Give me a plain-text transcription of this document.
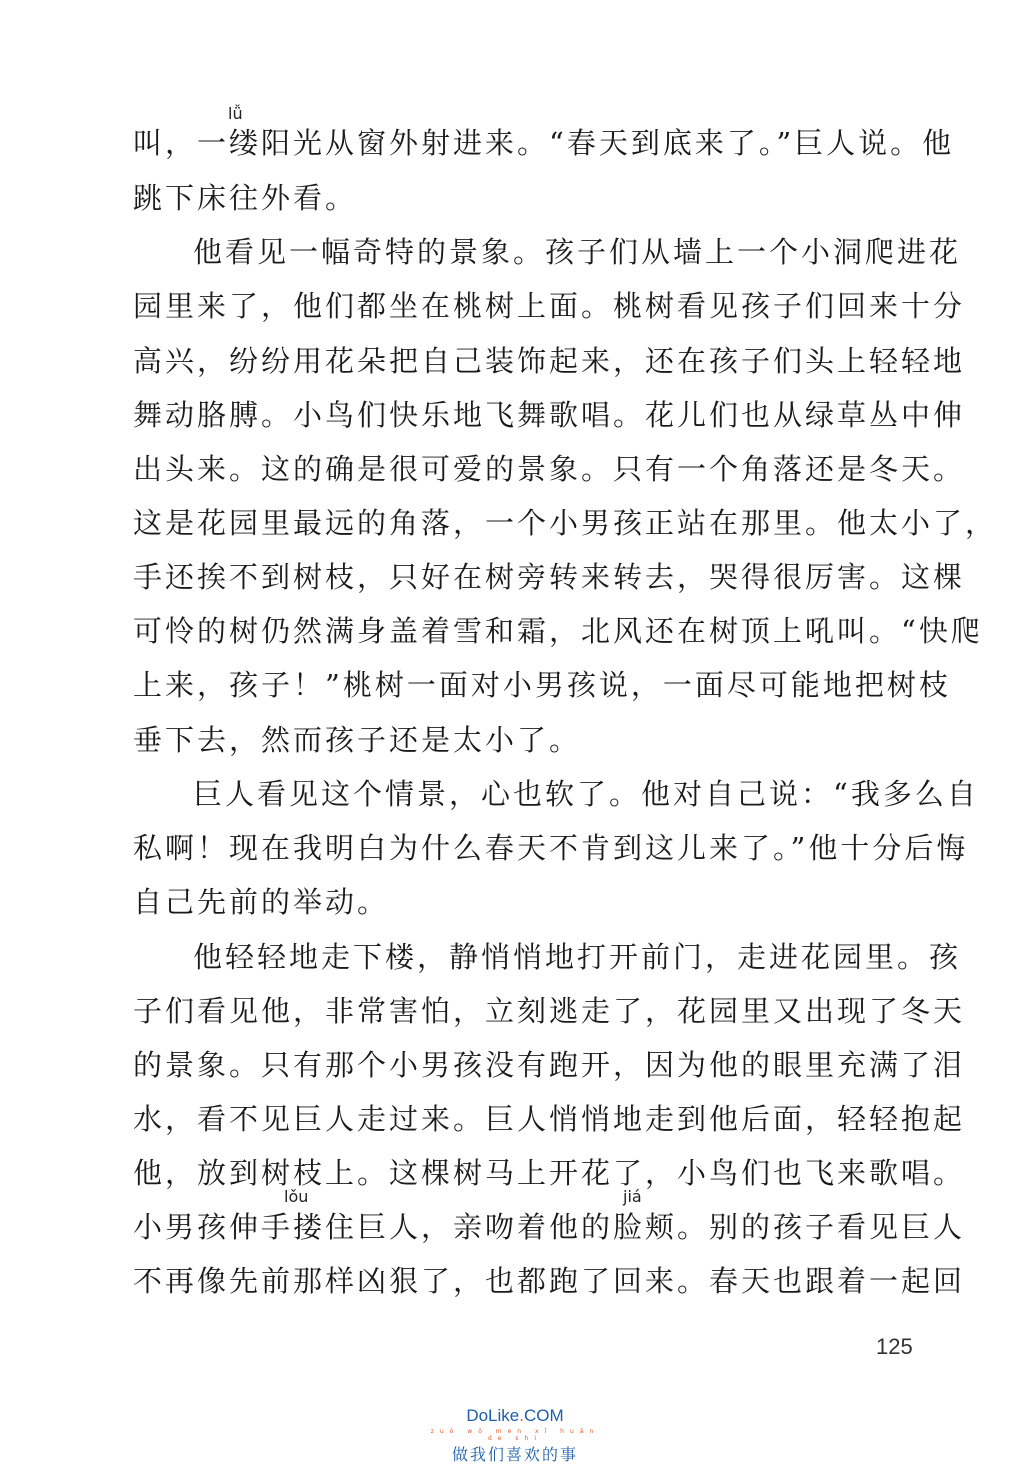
lǚ
lǒu	jiá
叫，一缕阳光从窗外射进来。“春天到底来了。”巨人说。他
跳下床往外看。
他看见一幅奇特的景象。孩子们从墙上一个小洞爬进花
园里来了，他们都坐在桃树上面。桃树看见孩子们回来十分
高兴，纷纷用花朵把自己装饰起来，还在孩子们头上轻轻地
舞动胳膊。小鸟们快乐地飞舞歌唱。花儿们也从绿草丛中伸
出头来。这的确是很可爱的景象。只有一个角落还是冬天。
这是花园里最远的角落，一个小男孩正站在那里。他太小了，
手还挨不到树枝，只好在树旁转来转去，哭得很厉害。这棵
可怜的树仍然满身盖着雪和霜，北风还在树顶上吼叫。“快爬
上来，孩子！”桃树一面对小男孩说，一面尽可能地把树枝
垂下去，然而孩子还是太小了。
巨人看见这个情景，心也软了。他对自己说：“我多么自
私啊！现在我明白为什么春天不肯到这儿来了。”他十分后悔
自己先前的举动。
他轻轻地走下楼，静悄悄地打开前门，走进花园里。孩
子们看见他，非常害怕，立刻逃走了，花园里又出现了冬天
的景象。只有那个小男孩没有跑开，因为他的眼里充满了泪
水，看不见巨人走过来。巨人悄悄地走到他后面，轻轻抱起
他，放到树枝上。这棵树马上开花了，小鸟们也飞来歌唱。
小男孩伸手搂住巨人，亲吻着他的脸颊。别的孩子看见巨人
不再像先前那样凶狠了，也都跑了回来。春天也跟着一起回
125
DoLike.COM
zuò wǒ men xǐ huān de shì
做我们喜欢的事
